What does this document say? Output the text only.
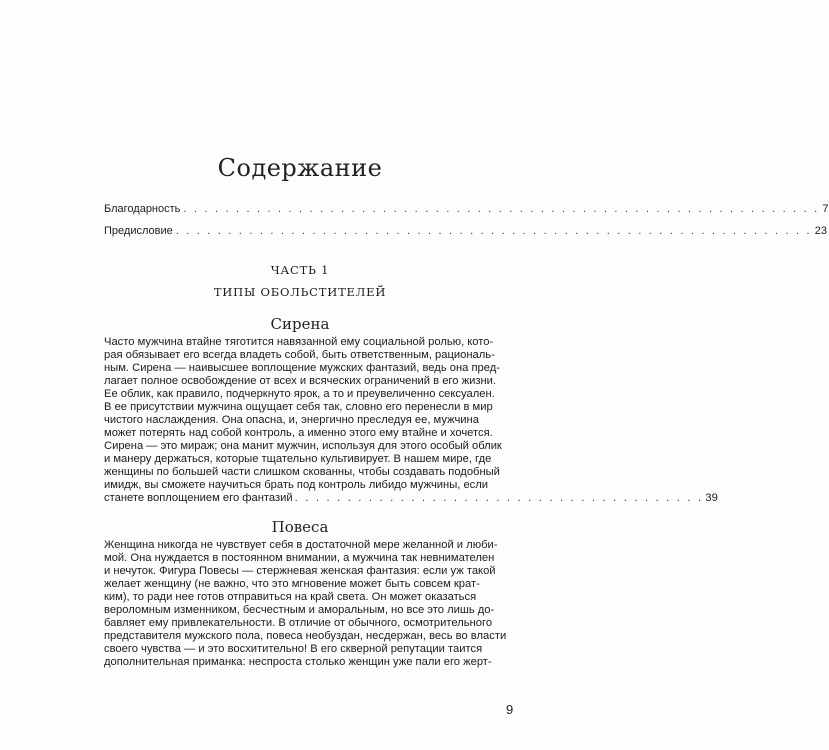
Содержание
Благодарность . . . . . . . . . . . . . . . . . . . . . . . . . . . . . . . . . . . . . . . . . . . . . . . . . . . . . . . . . . . . . 7
Предисловие . . . . . . . . . . . . . . . . . . . . . . . . . . . . . . . . . . . . . . . . . . . . . . . . . . . . . . . . . . . . . 23
ЧАСТЬ 1
ТИПЫ ОБОЛЬСТИТЕЛЕЙ
Сирена
Часто мужчина втайне тяготится навязанной ему социальной ролью, кото-
рая обязывает его всегда владеть собой, быть ответственным, рациональ-
ным. Сирена — наивысшее воплощение мужских фантазий, ведь она пред-
лагает полное освобождение от всех и всяческих ограничений в его жизни.
Ее облик, как правило, подчеркнуто ярок, а то и преувеличенно сексуален.
В ее присутствии мужчина ощущает себя так, словно его перенесли в мир
чистого наслаждения. Она опасна, и, энергично преследуя ее, мужчина
может потерять над собой контроль, а именно этого ему втайне и хочется.
Сирена — это мираж; она манит мужчин, используя для этого особый облик
и манеру держаться, которые тщательно культивирует. В нашем мире, где
женщины по большей части слишком скованны, чтобы создавать подобный
имидж, вы сможете научиться брать под контроль либидо мужчины, если
станете воплощением его фантазий . . . . . . . . . . . . . . . . . . . . . . . . . . . . . . . . . . . . . . . 39
Повеса
Женщина никогда не чувствует себя в достаточной мере желанной и люби-
мой. Она нуждается в постоянном внимании, а мужчина так невнимателен
и нечуток. Фигура Повесы — стержневая женская фантазия: если уж такой
желает женщину (не важно, что это мгновение может быть совсем крат-
ким), то ради нее готов отправиться на край света. Он может оказаться
вероломным изменником, бесчестным и аморальным, но все это лишь до-
бавляет ему привлекательности. В отличие от обычного, осмотрительного
представителя мужского пола, повеса необуздан, несдержан, весь во власти
своего чувства — и это восхитительно! В его скверной репутации таится
дополнительная приманка: неспроста столько женщин уже пали его жерт-
9
